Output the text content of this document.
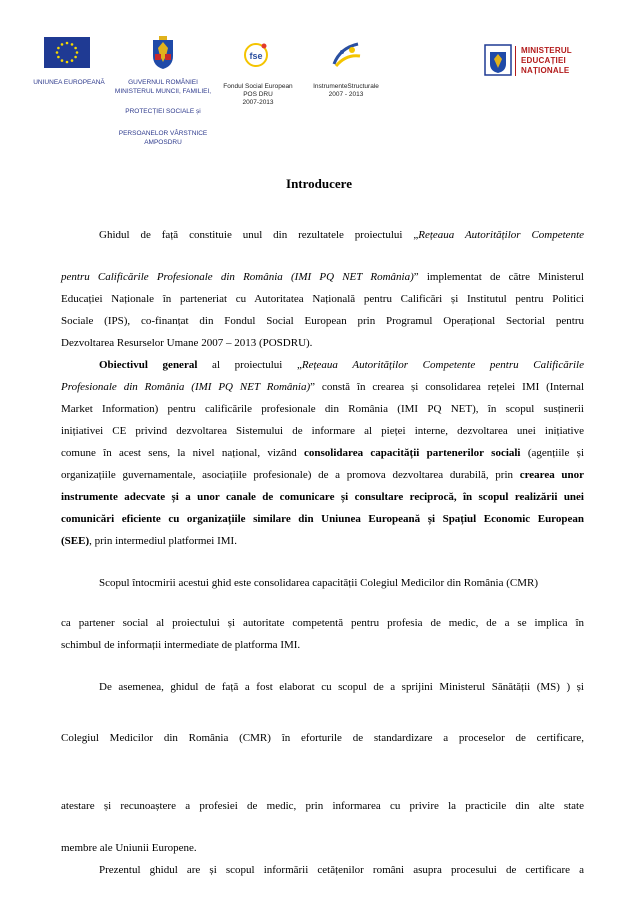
UNIUNEA EUROPEANĂ	GUVERNUL ROMÂNIEI
MINISTERUL MUNCII, FAMILIEI,
PROTECȚIEI SOCIALE și
PERSOANELOR VÂRSTNICE
AMPOSDRU
fse
Fondul Social European
POS DRU
2007-2013
InstrumenteStructurale
2007 - 2013
MINISTERUL
EDUCAȚIEI
NAȚIONALE
Introducere
Ghidul de față constituie unul din rezultatele proiectului „Rețeaua Autorităților Competente
pentru Calificările Profesionale din România (IMI PQ NET România)” implementat de către Ministerul
Educației Naționale în parteneriat cu Autoritatea Națională pentru Calificări și Institutul pentru Politici
Sociale (IPS), co-finanțat din Fondul Social European prin Programul Operațional Sectorial pentru
Dezvoltarea Resurselor Umane 2007 – 2013 (POSDRU).
Obiectivul general al proiectului „Rețeaua Autorităților Competente pentru Calificările
Profesionale din România (IMI PQ NET România)” constă în crearea și consolidarea rețelei IMI (Internal
Market Information) pentru calificările profesionale din România (IMI PQ NET), în scopul susținerii
inițiativei CE privind dezvoltarea Sistemului de informare al pieței interne, dezvoltarea unei inițiative
comune în acest sens, la nivel național, vizând consolidarea capacității partenerilor sociali (agențiile și
organizațiile guvernamentale, asociațiile profesionale) de a promova dezvoltarea durabilă, prin crearea unor
instrumente adecvate și a unor canale de comunicare și consultare reciprocă, în scopul realizării unei
comunicări eficiente cu organizațiile similare din Uniunea Europeană și Spațiul Economic European
(SEE), prin intermediul platformei IMI.
Scopul întocmirii acestui ghid este consolidarea capacității Colegiul Medicilor din România (CMR)
ca partener social al proiectului și autoritate competentă pentru profesia de medic, de a se implica în
schimbul de informații intermediate de platforma IMI.
De asemenea, ghidul de față a fost elaborat cu scopul de a sprijini Ministerul Sănătății (MS) ) și
Colegiul Medicilor din România (CMR) în eforturile de standardizare a proceselor de certificare,
atestare și recunoaștere a profesiei de medic, prin informarea cu privire la practicile din alte state
membre ale Uniunii Europene.
Prezentul ghidul are și scopul informării cetățenilor români asupra procesului de certificare a
